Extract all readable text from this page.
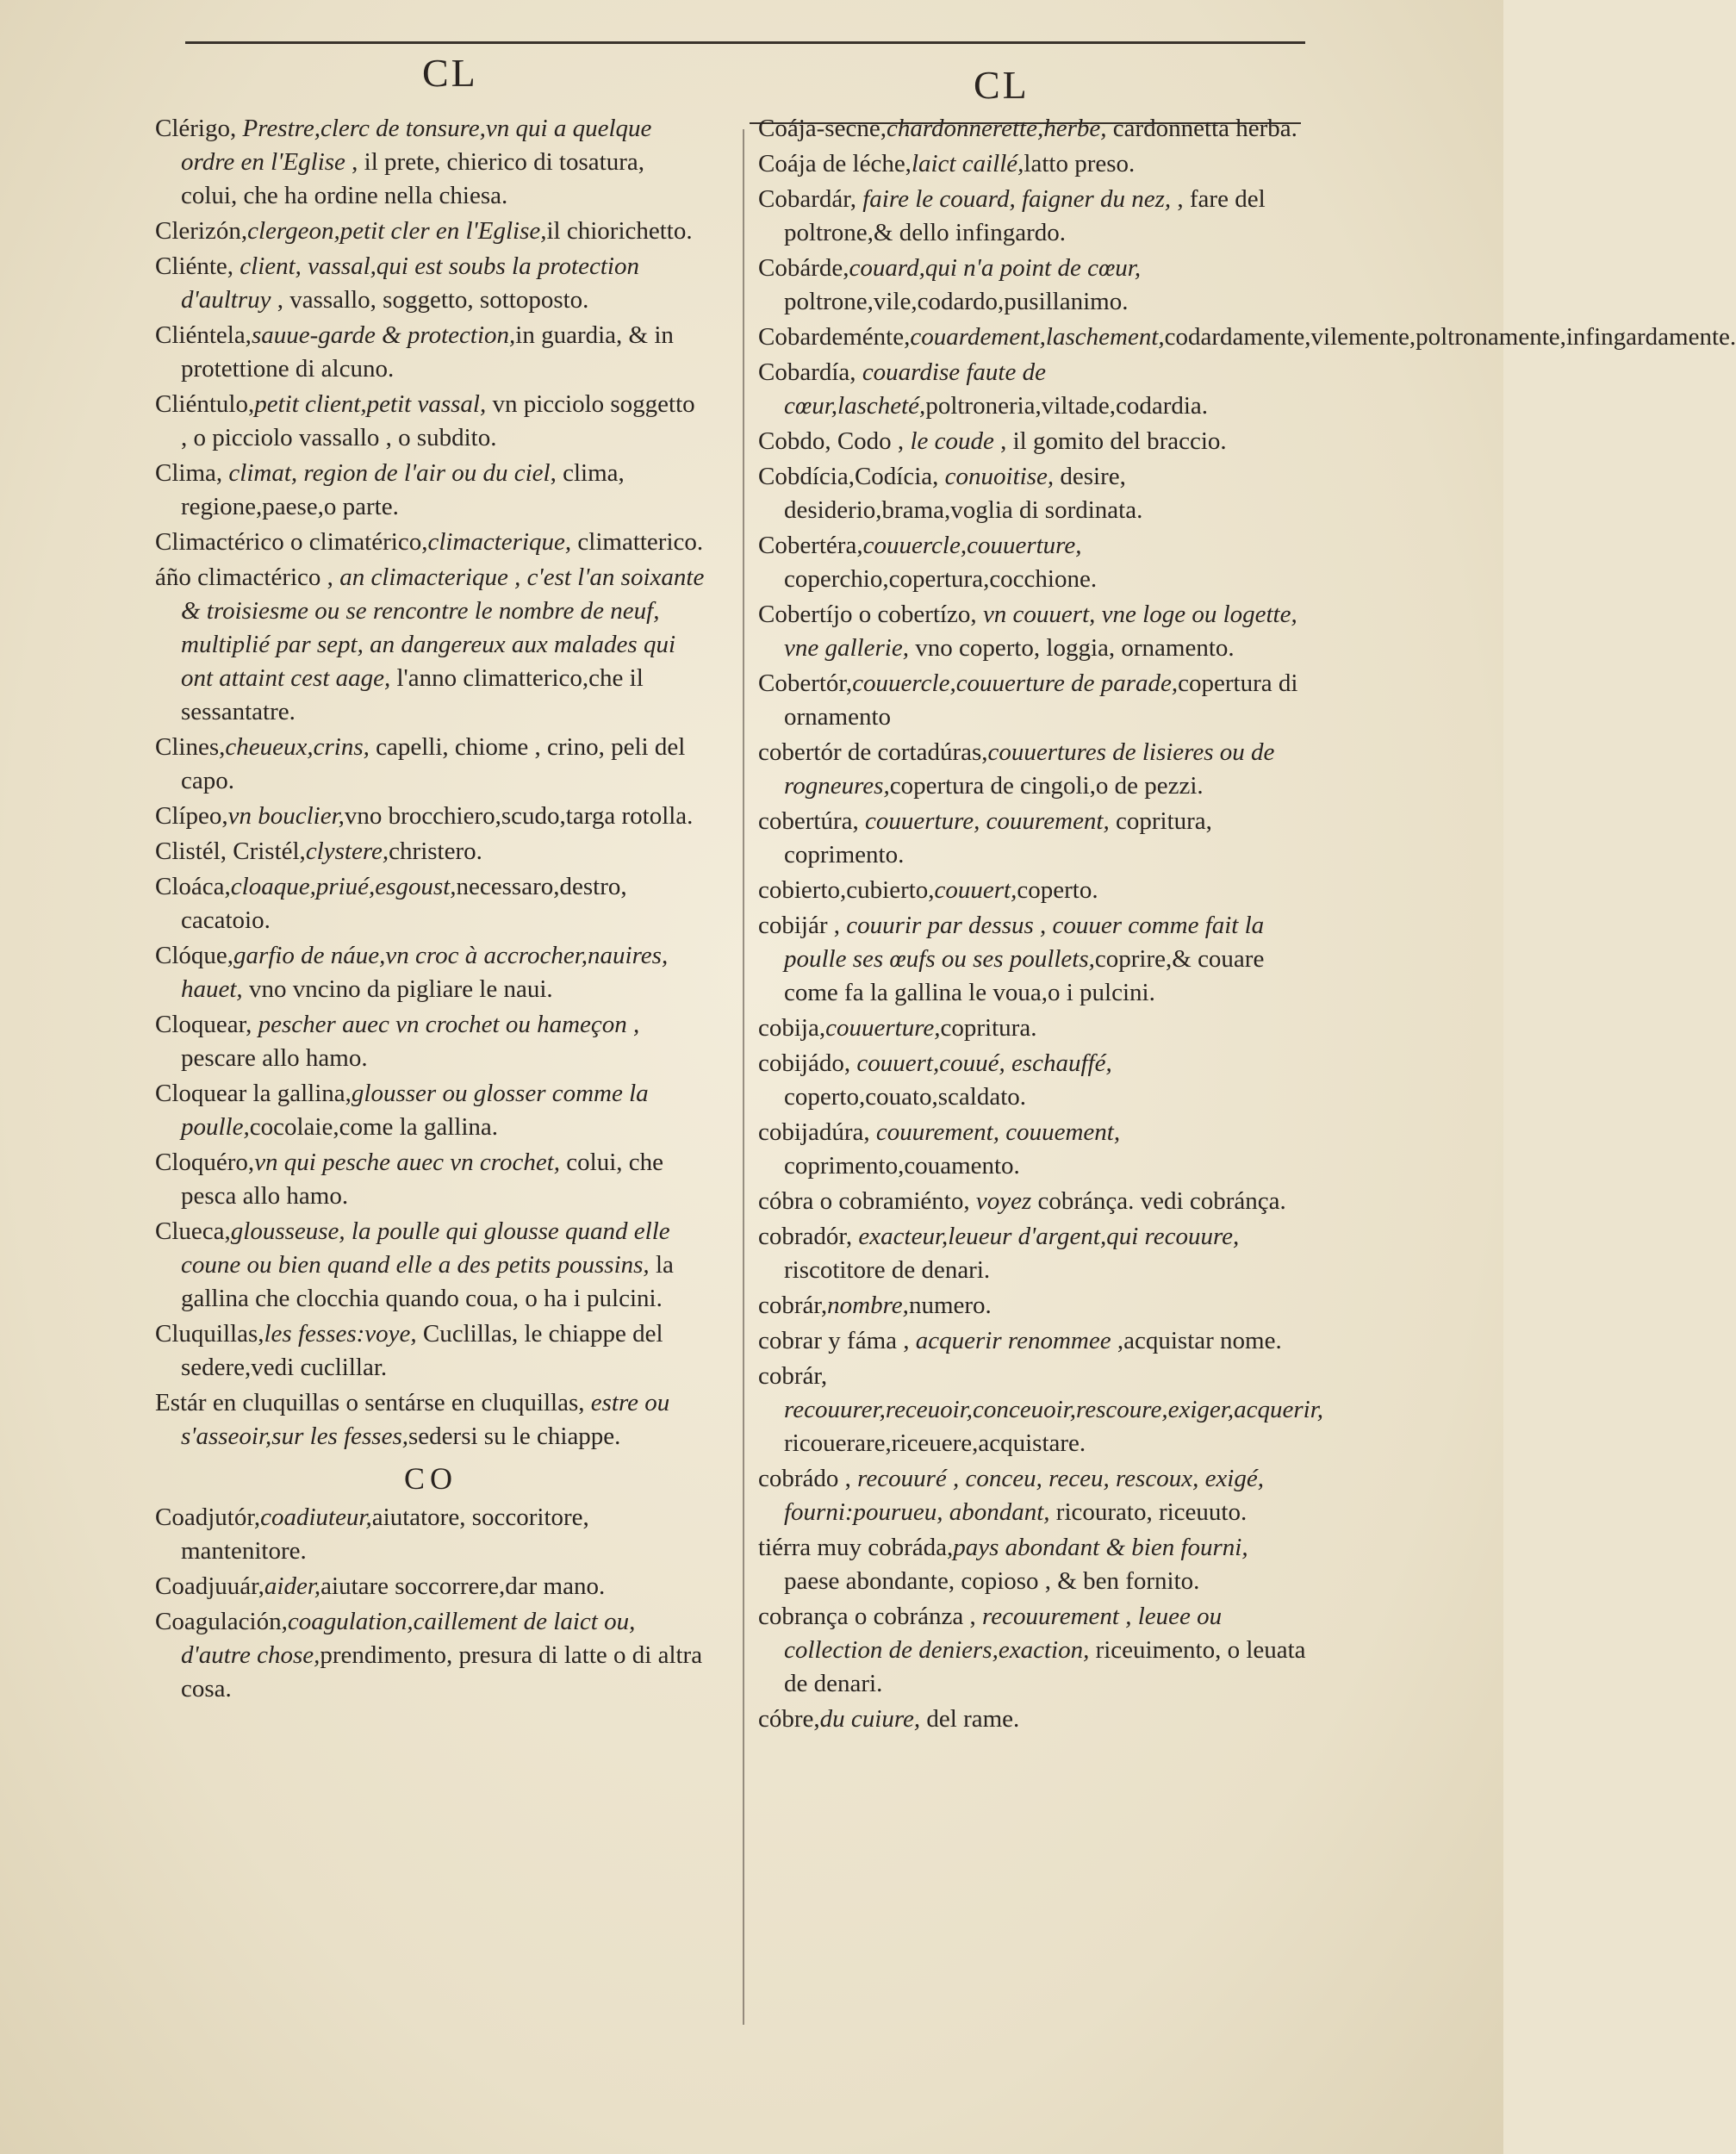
CL	CL
Clérigo, Prestre,clerc de tonsure,vn qui a quelque ordre en l'Eglise , il prete, chierico di tosatura, colui, che ha ordine nella chiesa.
Clerizón,clergeon,petit cler en l'Eglise,il chiorichetto.
Cliénte, client, vassal,qui est soubs la protection d'aultruy , vassallo, soggetto, sottoposto.
Cliéntela,sauue-garde & protection,in guardia, & in protettione di alcuno.
Cliéntulo,petit client,petit vassal, vn picciolo soggetto , o picciolo vassallo , o subdito.
Clima, climat, region de l'air ou du ciel, clima, regione,paese,o parte.
Climactérico o climatérico,climacterique, climatterico.
áño climactérico , an climacterique , c'est l'an soixante & troisiesme ou se rencontre le nombre de neuf, multiplié par sept, an dangereux aux malades qui ont attaint cest aage, l'anno climatterico,che il sessantatre.
Clines,cheueux,crins, capelli, chiome , crino, peli del capo.
Clípeo,vn bouclier,vno brocchiero,scudo,targa rotolla.
Clistél, Cristél,clystere,christero.
Cloáca,cloaque,priué,esgoust,necessaro,destro, cacatoio.
Clóque,garfio de náue,vn croc à accrocher,nauires, hauet, vno vncino da pigliare le naui.
Cloquear, pescher auec vn crochet ou hameçon , pescare allo hamo.
Cloquear la gallina,glousser ou glosser comme la poulle,cocolaie,come la gallina.
Cloquéro,vn qui pesche auec vn crochet, colui, che pesca allo hamo.
Clueca,glousseuse, la poulle qui glousse quand elle coune ou bien quand elle a des petits poussins, la gallina che clocchia quando coua, o ha i pulcini.
Cluquillas,les fesses:voye, Cuclillas, le chiappe del sedere,vedi cuclillar.
Estár en cluquillas o sentárse en cluquillas, estre ou s'asseoir,sur les fesses,sedersi su le chiappe.
CO
Coadjutór,coadiuteur,aiutatore, soccoritore, mantenitore.
Coadjuuár,aider,aiutare soccorrere,dar mano.
Coagulación,coagulation,caillement de laict ou, d'autre chose,prendimento, presura di latte o di altra cosa.
Coája-secne,chardonnerette,herbe, cardonnetta herba.
Coája de léche,laict caillé,latto preso.
Cobardár, faire le couard, faigner du nez, , fare del poltrone,& dello infingardo.
Cobárde,couard,qui n'a point de cœur, poltrone,vile,codardo,pusillanimo.
Cobardeménte,couardement,laschement,codardamente,vilemente,poltronamente,infingardamente.
Cobardía, couardise faute de cœur,lascheté,poltroneria,viltade,codardia.
Cobdo, Codo , le coude , il gomito del braccio.
Cobdícia,Codícia, conuoitise, desire, desiderio,brama,voglia di sordinata.
Cobertéra,couuercle,couuerture, coperchio,copertura,cocchione.
Cobertíjo o cobertízo, vn couuert, vne loge ou logette, vne gallerie, vno coperto, loggia, ornamento.
Cobertór,couuercle,couuerture de parade,copertura di ornamento
cobertór de cortadúras,couuertures de lisieres ou de rogneures,copertura de cingoli,o de pezzi.
cobertúra, couuerture, couurement, copritura, coprimento.
cobierto,cubierto,couuert,coperto.
cobijár , couurir par dessus , couuer comme fait la poulle ses œufs ou ses poullets,coprire,& couare come fa la gallina le voua,o i pulcini.
cobija,couuerture,copritura.
cobijádo, couuert,couué, eschauffé, coperto,couato,scaldato.
cobijadúra, couurement, couuement, coprimento,couamento.
cóbra o cobramiénto, voyez cobránça. vedi cobránça.
cobradór, exacteur,leueur d'argent,qui recouure, riscotitore de denari.
cobrár,nombre,numero.
cobrar y fáma , acquerir renommee ,acquistar nome.
cobrár, recouurer,receuoir,conceuoir,rescoure,exiger,acquerir, ricouerare,riceuere,acquistare.
cobrádo , recouuré , conceu, receu, rescoux, exigé, fourni:pourueu, abondant, ricourato, riceuuto.
tiérra muy cobráda,pays abondant & bien fourni, paese abondante, copioso , & ben fornito.
cobrança o cobránza , recouurement , leuee ou collection de deniers,exaction, riceuimento, o leuata de denari.
cóbre,du cuiure, del rame.
